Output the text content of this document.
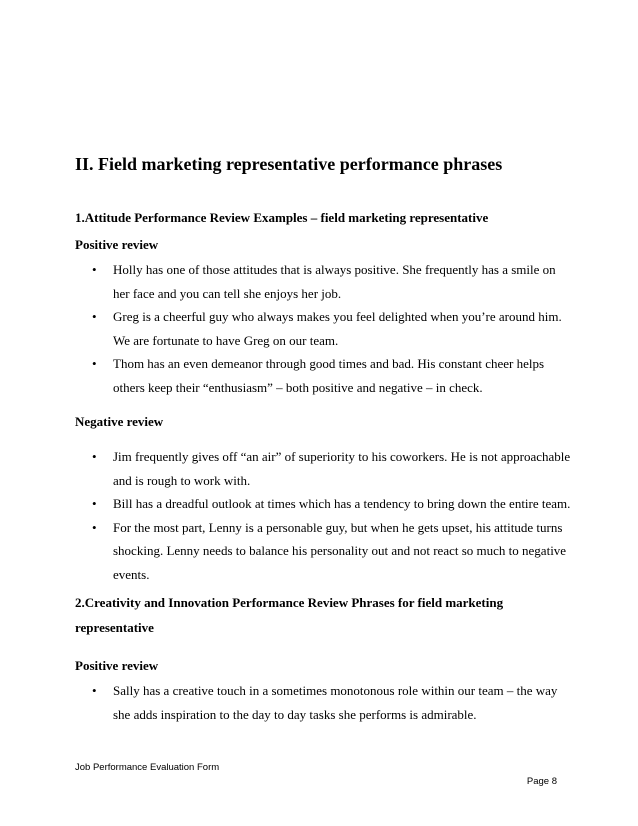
II. Field marketing representative performance phrases
1.Attitude Performance Review Examples – field marketing representative
Positive review
• Holly has one of those attitudes that is always positive. She frequently has a smile on her face and you can tell she enjoys her job.
• Greg is a cheerful guy who always makes you feel delighted when you’re around him. We are fortunate to have Greg on our team.
• Thom has an even demeanor through good times and bad. His constant cheer helps others keep their “enthusiasm” – both positive and negative – in check.
Negative review
• Jim frequently gives off “an air” of superiority to his coworkers. He is not approachable and is rough to work with.
• Bill has a dreadful outlook at times which has a tendency to bring down the entire team.
• For the most part, Lenny is a personable guy, but when he gets upset, his attitude turns shocking. Lenny needs to balance his personality out and not react so much to negative events.
2.Creativity and Innovation Performance Review Phrases for field marketing representative
Positive review
• Sally has a creative touch in a sometimes monotonous role within our team – the way she adds inspiration to the day to day tasks she performs is admirable.
Job Performance Evaluation Form
Page 8
